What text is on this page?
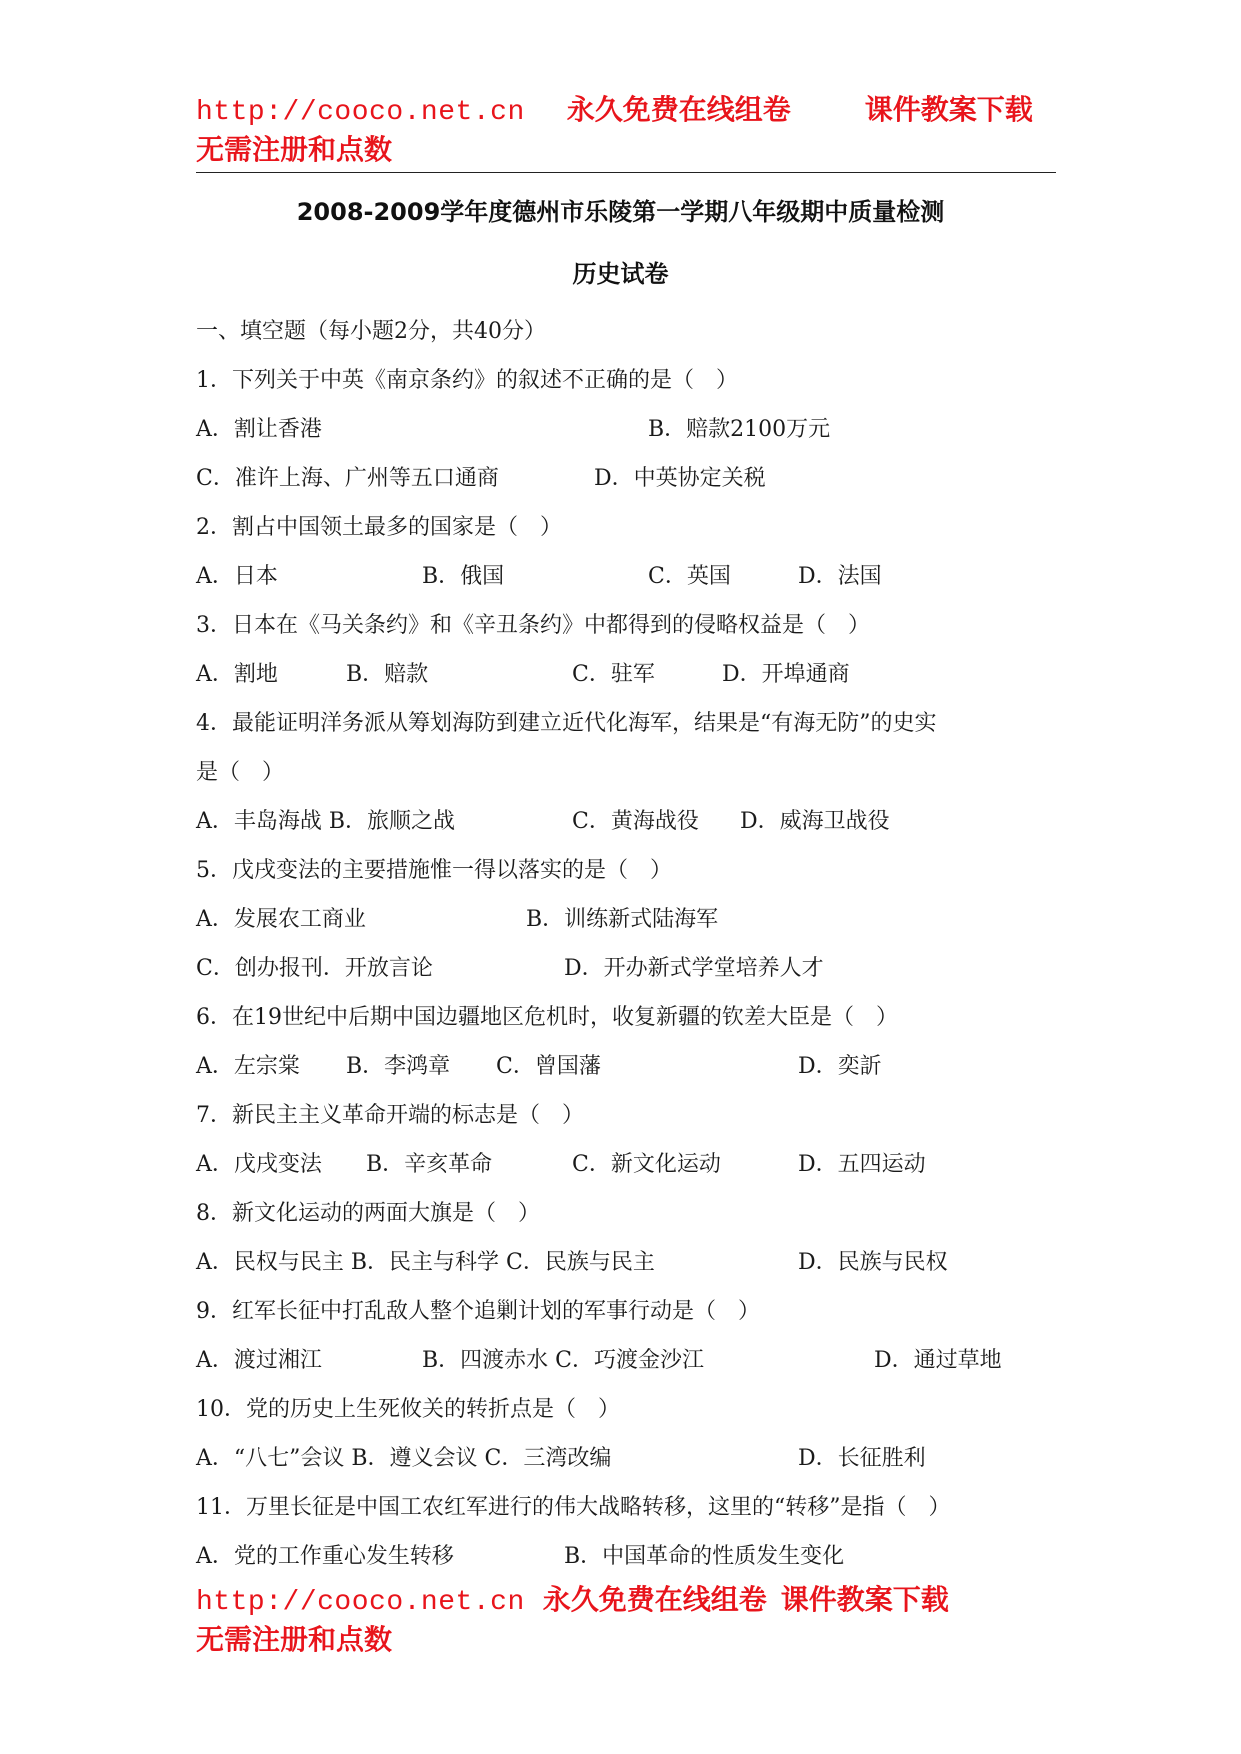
http://cooco.net.cn 永久免费在线组卷	课件教案下载
无需注册和点数
2008-2009学年度德州市乐陵第一学期八年级期中质量检测
历史试卷
一、填空题（每小题2分，共40分）
1．下列关于中英《南京条约》的叙述不正确的是（　）
A．割让香港	B．赔款2100万元
C．准许上海、广州等五口通商	D．中英协定关税
2．割占中国领土最多的国家是（　）
A．日本	B．俄国	C．英国	D．法国
3．日本在《马关条约》和《辛丑条约》中都得到的侵略权益是（　）
A．割地	B．赔款	C．驻军	D．开埠通商
4．最能证明洋务派从筹划海防到建立近代化海军，结果是“有海无防”的史实
是（　）
A．丰岛海战 B．旅顺之战	C．黄海战役 D．威海卫战役
5．戊戌变法的主要措施惟一得以落实的是（　）
A．发展农工商业	B．训练新式陆海军
C．创办报刊．开放言论	D．开办新式学堂培养人才
6．在19世纪中后期中国边疆地区危机时，收复新疆的钦差大臣是（　）
A．左宗棠 B．李鸿章 C．曾国藩	D．奕訢
7．新民主主义革命开端的标志是（　）
A．戊戌变法 B．辛亥革命	C．新文化运动	D．五四运动
8．新文化运动的两面大旗是（　）
A．民权与民主 B．民主与科学 C．民族与民主	D．民族与民权
9．红军长征中打乱敌人整个追剿计划的军事行动是（　）
A．渡过湘江	B．四渡赤水 C．巧渡金沙江	D．通过草地
10．党的历史上生死攸关的转折点是（　）
A．“八七”会议 B．遵义会议 C．三湾改编	D．长征胜利
11．万里长征是中国工农红军进行的伟大战略转移，这里的“转移”是指（　）
A．党的工作重心发生转移	B．中国革命的性质发生变化
http://cooco.net.cn 永久免费在线组卷 课件教案下载
无需注册和点数
